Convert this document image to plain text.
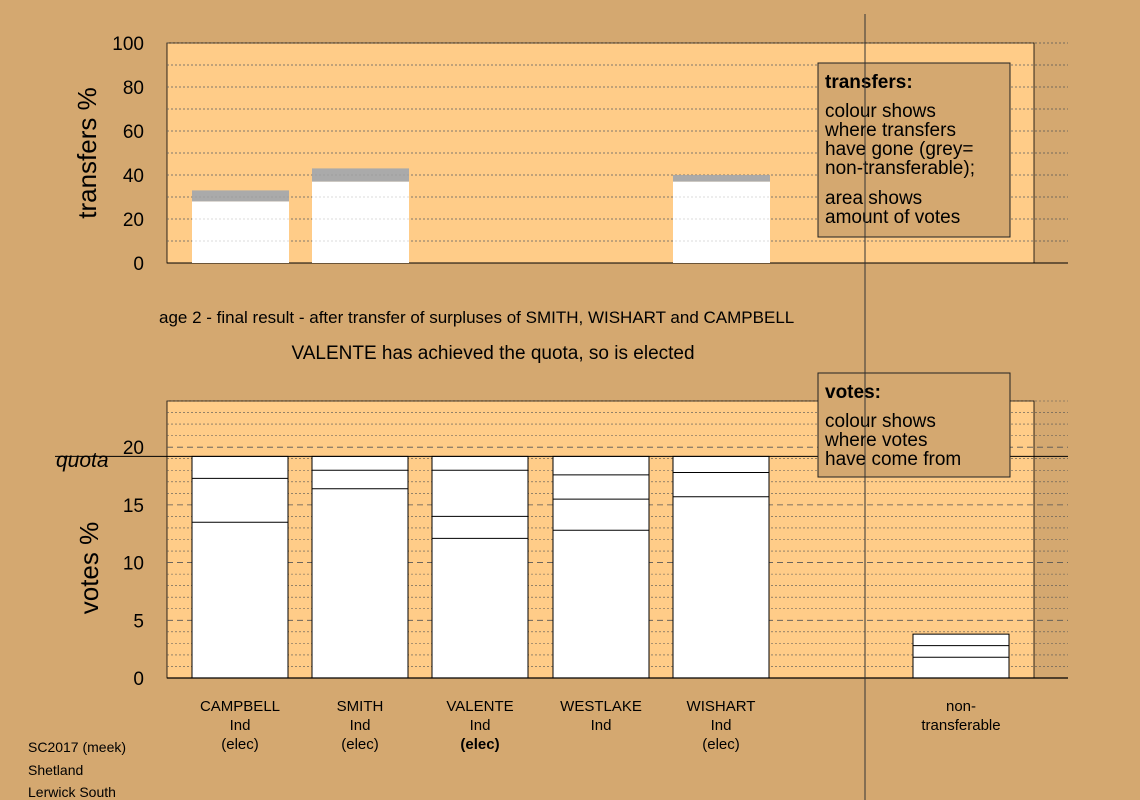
0
20
40
60
80
100
transfers %
transfers:
colour shows
where transfers
have gone (grey=
non-transferable);
area shows
amount of votes
age 2 - final result - after transfer of surpluses of SMITH, WISHART and CAMPBELL
VALENTE has achieved the quota, so is elected
quota
0
5
10
15
20
votes %
votes:
colour shows
where votes
have come from
CAMPBELL
Ind
(elec)
SMITH
Ind
(elec)
VALENTE
Ind
(elec)
WESTLAKE
Ind
WISHART
Ind
(elec)
non-
transferable
SC2017 (meek)
Shetland
Lerwick South
